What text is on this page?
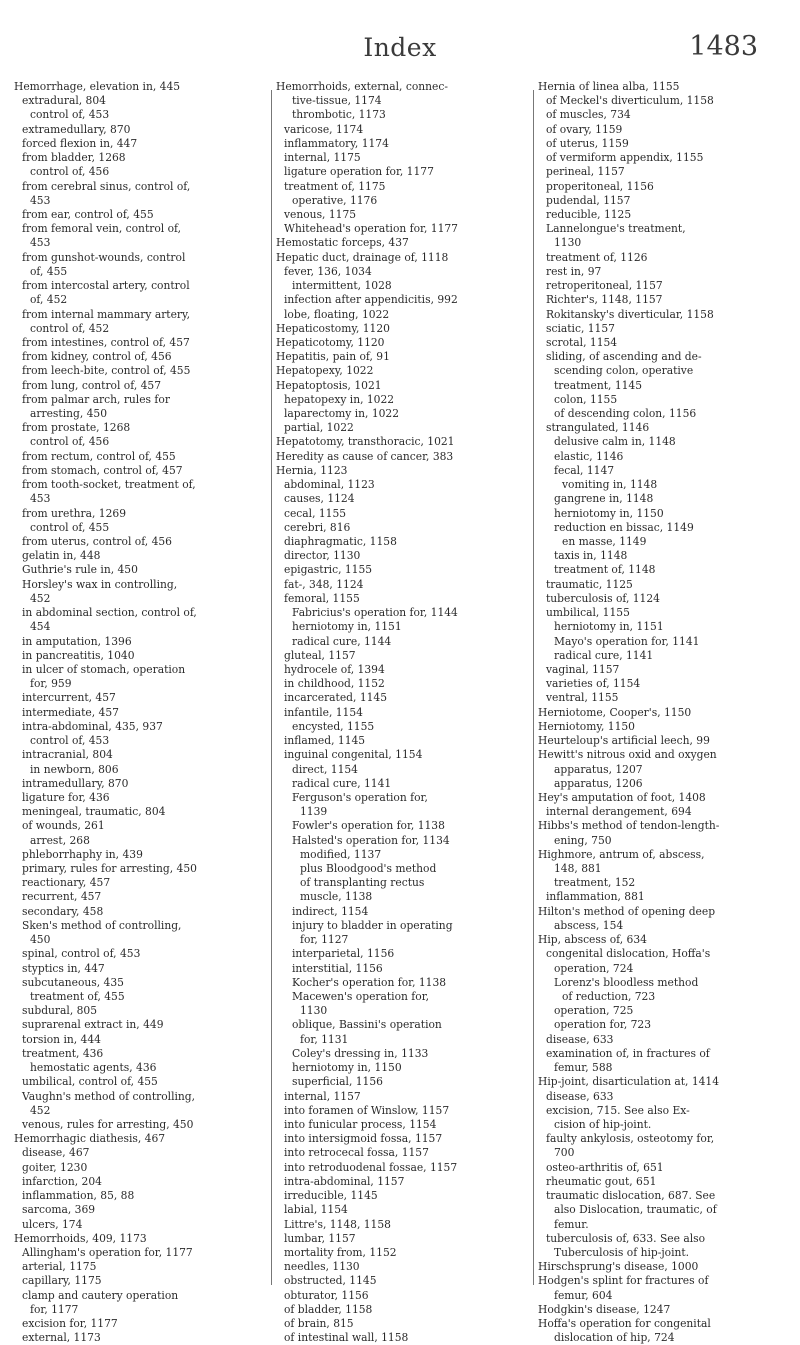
Index	1483
Hemorrhage, elevation in, 445
extradural, 804
control of, 453
extramedullary, 870
forced flexion in, 447
from bladder, 1268
control of, 456
from cerebral sinus, control of,
453
from ear, control of, 455
from femoral vein, control of,
453
from gunshot-wounds, control
of, 455
from intercostal artery, control
of, 452
from internal mammary artery,
control of, 452
from intestines, control of, 457
from kidney, control of, 456
from leech-bite, control of, 455
from lung, control of, 457
from palmar arch, rules for
arresting, 450
from prostate, 1268
control of, 456
from rectum, control of, 455
from stomach, control of, 457
from tooth-socket, treatment of,
453
from urethra, 1269
control of, 455
from uterus, control of, 456
gelatin in, 448
Guthrie's rule in, 450
Horsley's wax in controlling,
452
in abdominal section, control of,
454
in amputation, 1396
in pancreatitis, 1040
in ulcer of stomach, operation
for, 959
intercurrent, 457
intermediate, 457
intra-abdominal, 435, 937
control of, 453
intracranial, 804
in newborn, 806
intramedullary, 870
ligature for, 436
meningeal, traumatic, 804
of wounds, 261
arrest, 268
phleborrhaphy in, 439
primary, rules for arresting, 450
reactionary, 457
recurrent, 457
secondary, 458
Sken's method of controlling,
450
spinal, control of, 453
styptics in, 447
subcutaneous, 435
treatment of, 455
subdural, 805
suprarenal extract in, 449
torsion in, 444
treatment, 436
hemostatic agents, 436
umbilical, control of, 455
Vaughn's method of controlling,
452
venous, rules for arresting, 450
Hemorrhagic diathesis, 467
disease, 467
goiter, 1230
infarction, 204
inflammation, 85, 88
sarcoma, 369
ulcers, 174
Hemorrhoids, 409, 1173
Allingham's operation for, 1177
arterial, 1175
capillary, 1175
clamp and cautery operation
for, 1177
excision for, 1177
external, 1173
Hemorrhoids, external, connec-
tive-tissue, 1174
thrombotic, 1173
varicose, 1174
inflammatory, 1174
internal, 1175
ligature operation for, 1177
treatment of, 1175
operative, 1176
venous, 1175
Whitehead's operation for, 1177
Hemostatic forceps, 437
Hepatic duct, drainage of, 1118
fever, 136, 1034
intermittent, 1028
infection after appendicitis, 992
lobe, floating, 1022
Hepaticostomy, 1120
Hepaticotomy, 1120
Hepatitis, pain of, 91
Hepatopexy, 1022
Hepatoptosis, 1021
hepatopexy in, 1022
laparectomy in, 1022
partial, 1022
Hepatotomy, transthoracic, 1021
Heredity as cause of cancer, 383
Hernia, 1123
abdominal, 1123
causes, 1124
cecal, 1155
cerebri, 816
diaphragmatic, 1158
director, 1130
epigastric, 1155
fat-, 348, 1124
femoral, 1155
Fabricius's operation for, 1144
herniotomy in, 1151
radical cure, 1144
gluteal, 1157
hydrocele of, 1394
in childhood, 1152
incarcerated, 1145
infantile, 1154
encysted, 1155
inflamed, 1145
inguinal congenital, 1154
direct, 1154
radical cure, 1141
Ferguson's operation for,
1139
Fowler's operation for, 1138
Halsted's operation for, 1134
modified, 1137
plus Bloodgood's method
of transplanting rectus
muscle, 1138
indirect, 1154
injury to bladder in operating
for, 1127
interparietal, 1156
interstitial, 1156
Kocher's operation for, 1138
Macewen's operation for,
1130
oblique, Bassini's operation
for, 1131
Coley's dressing in, 1133
herniotomy in, 1150
superficial, 1156
internal, 1157
into foramen of Winslow, 1157
into funicular process, 1154
into intersigmoid fossa, 1157
into retrocecal fossa, 1157
into retroduodenal fossae, 1157
intra-abdominal, 1157
irreducible, 1145
labial, 1154
Littre's, 1148, 1158
lumbar, 1157
mortality from, 1152
needles, 1130
obstructed, 1145
obturator, 1156
of bladder, 1158
of brain, 815
of intestinal wall, 1158
Hernia of linea alba, 1155
of Meckel's diverticulum, 1158
of muscles, 734
of ovary, 1159
of uterus, 1159
of vermiform appendix, 1155
perineal, 1157
properitoneal, 1156
pudendal, 1157
reducible, 1125
Lannelongue's treatment,
1130
treatment of, 1126
rest in, 97
retroperitoneal, 1157
Richter's, 1148, 1157
Rokitansky's diverticular, 1158
sciatic, 1157
scrotal, 1154
sliding, of ascending and de-
scending colon, operative
treatment, 1145
colon, 1155
of descending colon, 1156
strangulated, 1146
delusive calm in, 1148
elastic, 1146
fecal, 1147
vomiting in, 1148
gangrene in, 1148
herniotomy in, 1150
reduction en bissac, 1149
en masse, 1149
taxis in, 1148
treatment of, 1148
traumatic, 1125
tuberculosis of, 1124
umbilical, 1155
herniotomy in, 1151
Mayo's operation for, 1141
radical cure, 1141
vaginal, 1157
varieties of, 1154
ventral, 1155
Herniotome, Cooper's, 1150
Herniotomy, 1150
Heurteloup's artificial leech, 99
Hewitt's nitrous oxid and oxygen
apparatus, 1207
apparatus, 1206
Hey's amputation of foot, 1408
internal derangement, 694
Hibbs's method of tendon-length-
ening, 750
Highmore, antrum of, abscess,
148, 881
treatment, 152
inflammation, 881
Hilton's method of opening deep
abscess, 154
Hip, abscess of, 634
congenital dislocation, Hoffa's
operation, 724
Lorenz's bloodless method
of reduction, 723
operation, 725
operation for, 723
disease, 633
examination of, in fractures of
femur, 588
Hip-joint, disarticulation at, 1414
disease, 633
excision, 715. See also Ex-
cision of hip-joint.
faulty ankylosis, osteotomy for,
700
osteo-arthritis of, 651
rheumatic gout, 651
traumatic dislocation, 687. See
also Dislocation, traumatic, of
femur.
tuberculosis of, 633. See also
Tuberculosis of hip-joint.
Hirschsprung's disease, 1000
Hodgen's splint for fractures of
femur, 604
Hodgkin's disease, 1247
Hoffa's operation for congenital
dislocation of hip, 724
